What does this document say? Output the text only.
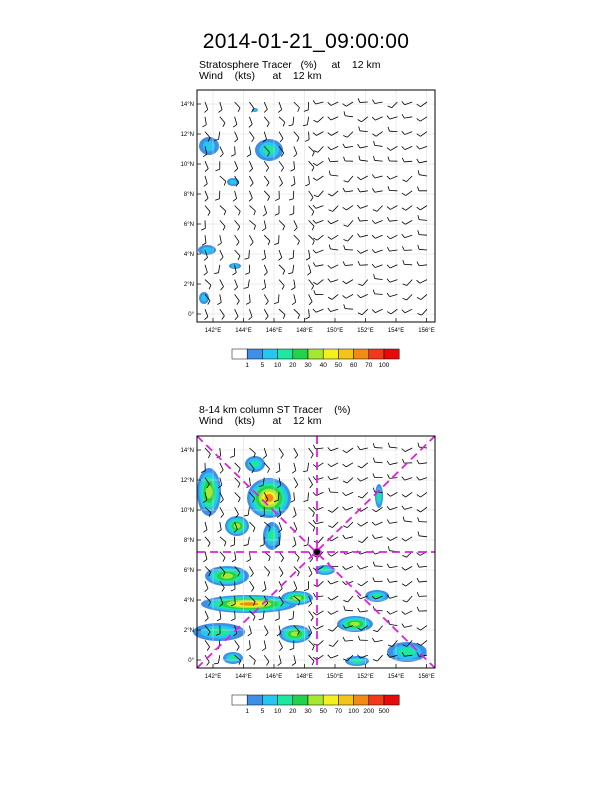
2014-01-21_09:00:00
Stratosphere Tracer   (%)     at    12 km
Wind    (kts)      at    12 km
14°N
12°N
10°N
8°N
6°N
4°N
2°N
0°
142°E 144°E 146°E 148°E 150°E 152°E 154°E 156°E
1 5 10 20 30 40 50 60 70 100
8-14 km column ST Tracer    (%)
Wind    (kts)      at    12 km
14°N
12°N
10°N
8°N
6°N
4°N
2°N
0°
142°E 144°E 146°E 148°E 150°E 152°E 154°E 156°E
1 5 10 20 30 50 70 100 200 500
